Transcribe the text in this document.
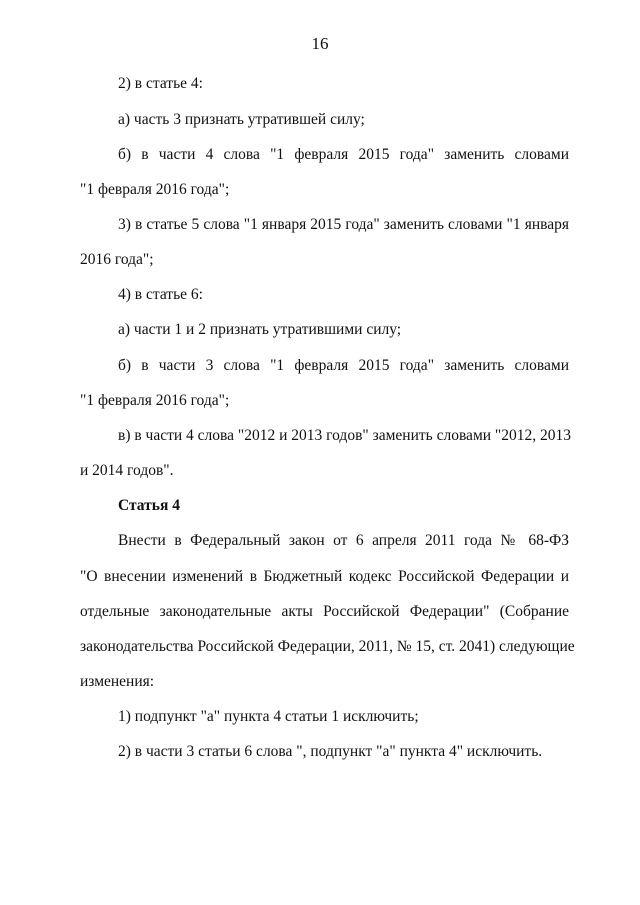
16
2) в статье 4:
а) часть 3 признать утратившей силу;
б) в части 4 слова "1 февраля 2015 года" заменить словами
"1 февраля 2016 года";
3) в статье 5 слова "1 января 2015 года" заменить словами "1 января
2016 года";
4) в статье 6:
а) части 1 и 2 признать утратившими силу;
б) в части 3 слова "1 февраля 2015 года" заменить словами
"1 февраля 2016 года";
в) в части 4 слова "2012 и 2013 годов" заменить словами "2012, 2013
и 2014 годов".
Статья 4
Внести в Федеральный закон от 6 апреля 2011 года № 68-ФЗ
"О внесении изменений в Бюджетный кодекс Российской Федерации и
отдельные законодательные акты Российской Федерации" (Собрание
законодательства Российской Федерации, 2011, № 15, ст. 2041) следующие
изменения:
1) подпункт "а" пункта 4 статьи 1 исключить;
2) в части 3 статьи 6 слова ", подпункт "а" пункта 4" исключить.
